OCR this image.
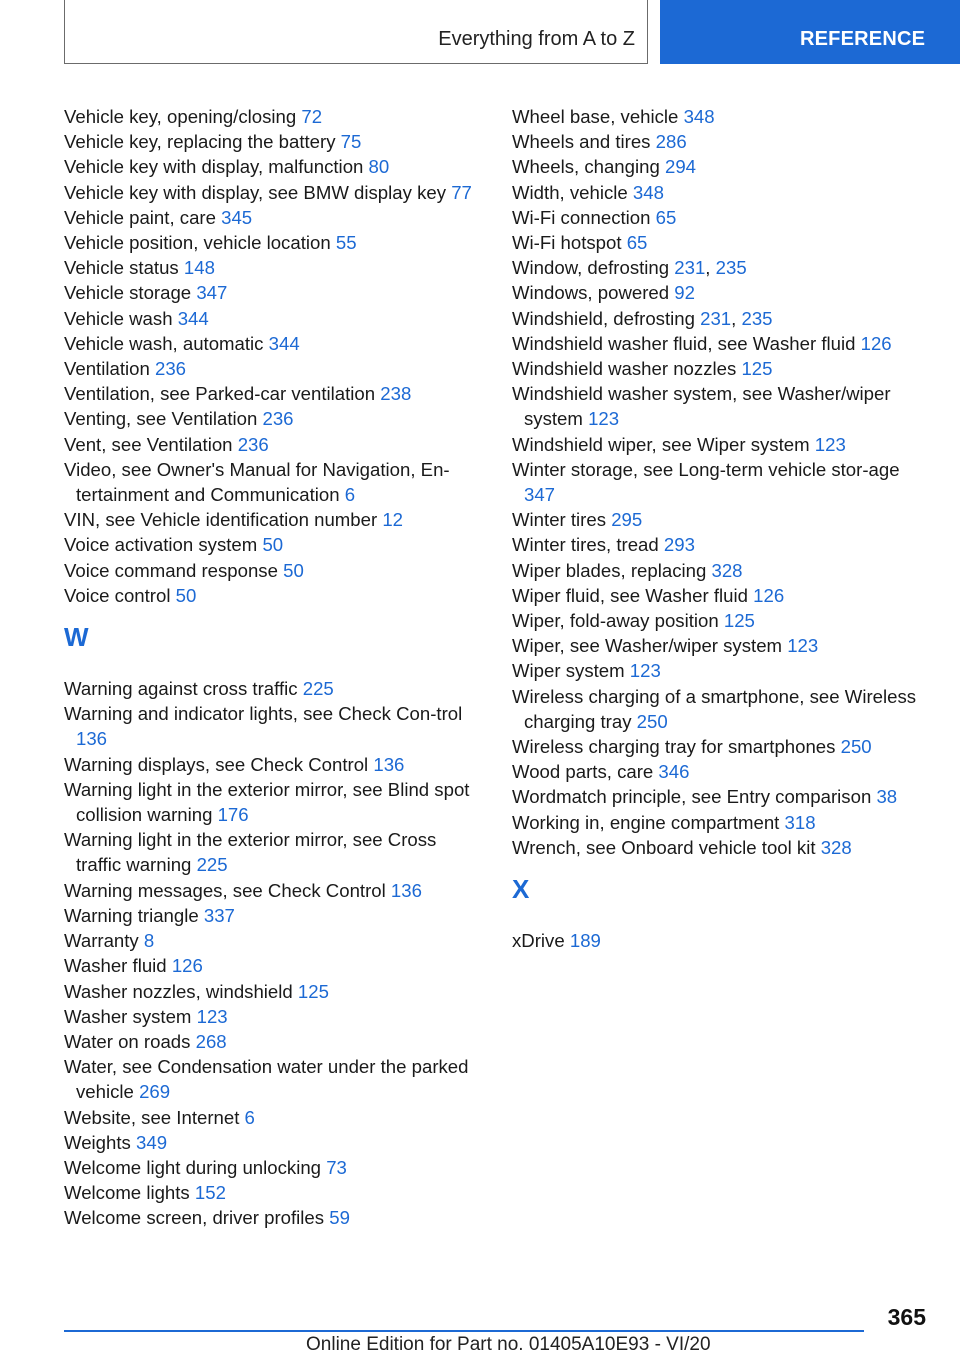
Everything from A to Z	REFERENCE
Vehicle key, opening/closing 72
Vehicle key, replacing the battery 75
Vehicle key with display, malfunction 80
Vehicle key with display, see BMW display key 77
Vehicle paint, care 345
Vehicle position, vehicle location 55
Vehicle status 148
Vehicle storage 347
Vehicle wash 344
Vehicle wash, automatic 344
Ventilation 236
Ventilation, see Parked-car ventilation 238
Venting, see Ventilation 236
Vent, see Ventilation 236
Video, see Owner's Manual for Navigation, En‐tertainment and Communication 6
VIN, see Vehicle identification number 12
Voice activation system 50
Voice command response 50
Voice control 50
W
Warning against cross traffic 225
Warning and indicator lights, see Check Con‐trol 136
Warning displays, see Check Control 136
Warning light in the exterior mirror, see Blind spot collision warning 176
Warning light in the exterior mirror, see Cross traffic warning 225
Warning messages, see Check Control 136
Warning triangle 337
Warranty 8
Washer fluid 126
Washer nozzles, windshield 125
Washer system 123
Water on roads 268
Water, see Condensation water under the parked vehicle 269
Website, see Internet 6
Weights 349
Welcome light during unlocking 73
Welcome lights 152
Welcome screen, driver profiles 59
Wheel base, vehicle 348
Wheels and tires 286
Wheels, changing 294
Width, vehicle 348
Wi-Fi connection 65
Wi-Fi hotspot 65
Window, defrosting 231, 235
Windows, powered 92
Windshield, defrosting 231, 235
Windshield washer fluid, see Washer fluid 126
Windshield washer nozzles 125
Windshield washer system, see Washer/wiper system 123
Windshield wiper, see Wiper system 123
Winter storage, see Long-term vehicle stor‐age 347
Winter tires 295
Winter tires, tread 293
Wiper blades, replacing 328
Wiper fluid, see Washer fluid 126
Wiper, fold-away position 125
Wiper, see Washer/wiper system 123
Wiper system 123
Wireless charging of a smartphone, see Wireless charging tray 250
Wireless charging tray for smartphones 250
Wood parts, care 346
Wordmatch principle, see Entry comparison 38
Working in, engine compartment 318
Wrench, see Onboard vehicle tool kit 328
X
xDrive 189
365
Online Edition for Part no. 01405A10E93 - VI/20
